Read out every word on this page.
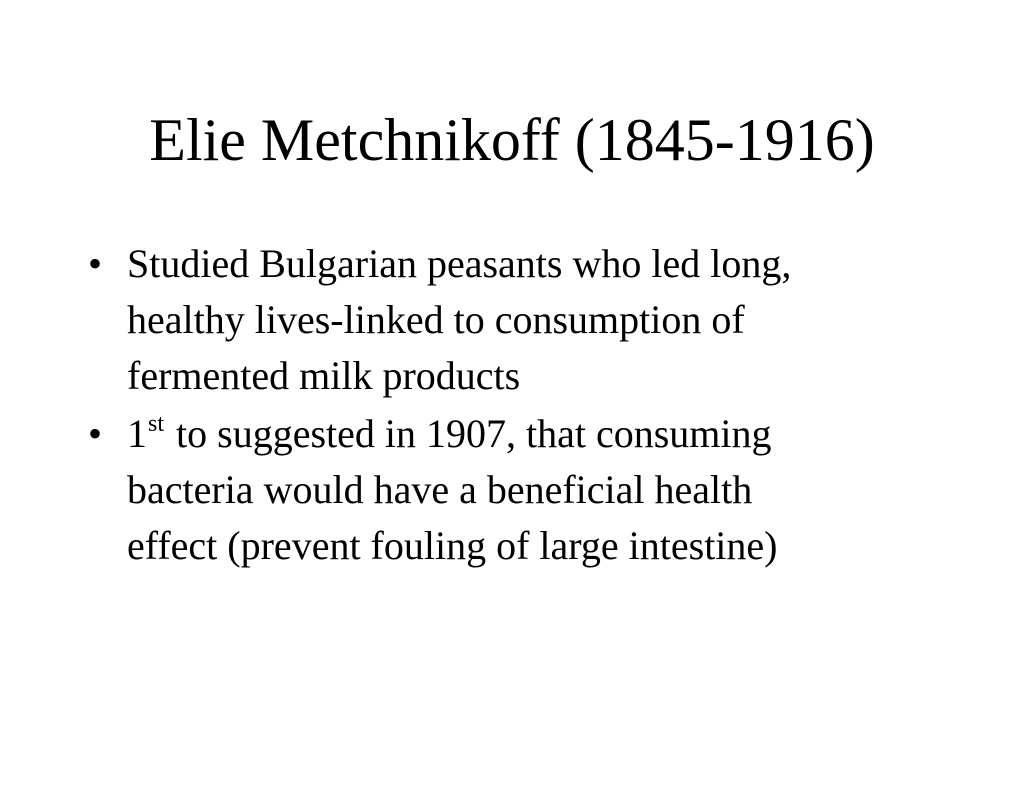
Elie Metchnikoff (1845-1916)
• Studied Bulgarian peasants who led long,
healthy lives-linked to consumption of
fermented milk products
• 1st to suggested in 1907, that consuming
bacteria would have a beneficial health
effect (prevent fouling of large intestine)
